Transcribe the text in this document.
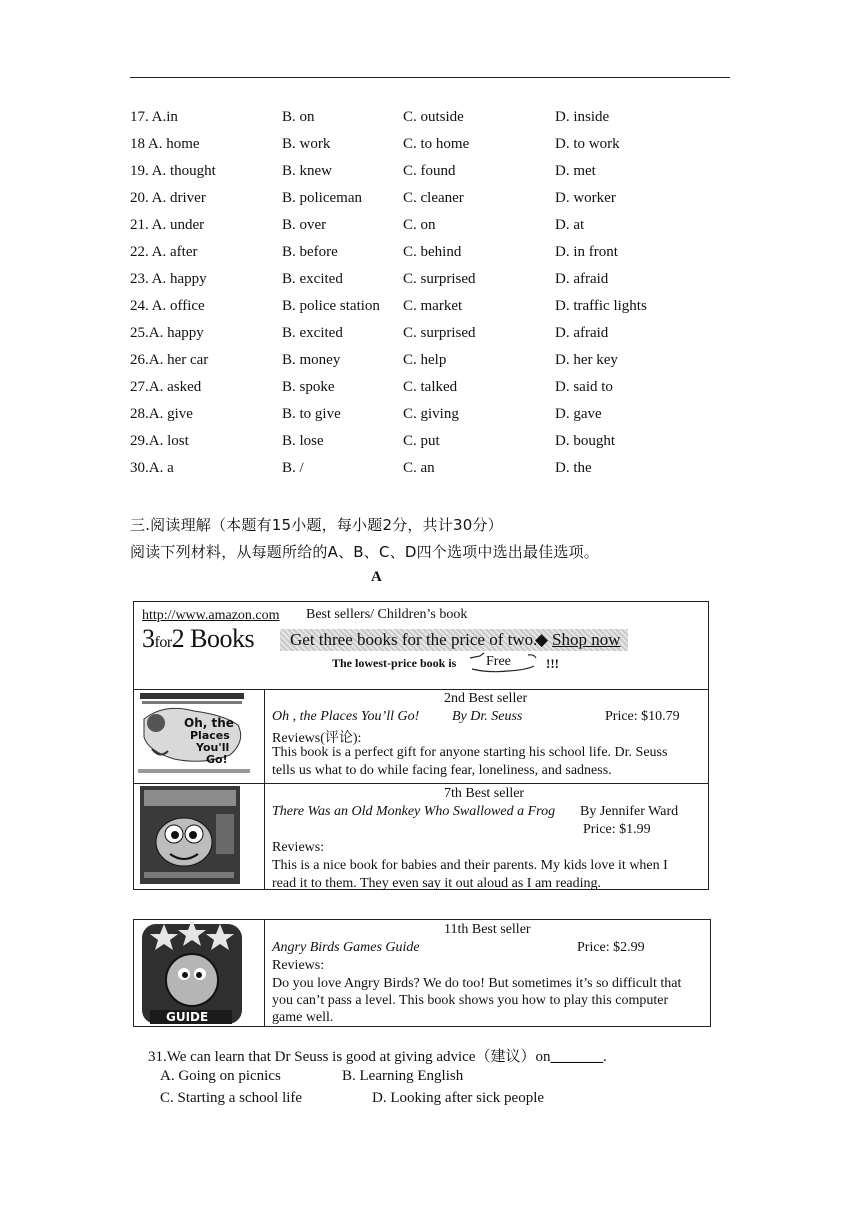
17. A.in	B. on	C. outside	D. inside
18 A. home	B. work	C. to home	D. to work
19. A. thought	B. knew	C. found	D. met
20. A. driver	B. policeman	C. cleaner	D. worker
21. A. under	B. over	C. on	D. at
22. A. after	B. before	C. behind	D. in front
23. A. happy	B. excited	C. surprised	D. afraid
24. A. office	B. police station C. market	D. traffic lights
25.A. happy	B. excited	C. surprised	D. afraid
26.A. her car	B. money	C. help	D. her key
27.A. asked	B. spoke	C. talked	D. said to
28.A. give	B. to give	C. giving	D. gave
29.A. lost	B. lose	C. put	D. bought
30.A. a	B. /	C. an	D. the
三.阅读理解（本题有15小题，每小题2分，共计30分）
阅读下列材料，从每题所给的A、B、C、D四个选项中选出最佳选项。
A
http://www.amazon.com Best sellers/ Children’s book
3for2 Books Get three books for the price of two.
◆ Shop now
The lowest-price book is Free	!!!
Oh, the
Places
You'll
Go!
2nd Best seller
Oh , the Places You’ll Go! By Dr. Seuss	Price: $10.79
Reviews(评论):
This book is a perfect gift for anyone starting his school life. Dr. Seuss
tells us what to do while facing fear, loneliness, and sadness.
7th Best seller
There Was an Old Monkey Who Swallowed a Frog By Jennifer Ward
Price: $1.99
Reviews:
This is a nice book for babies and their parents. My kids love it when I
read it to them. They even say it out aloud as I am reading.
GUIDE
11th Best seller
Angry Birds Games Guide	Price: $2.99
Reviews:
Do you love Angry Birds? We do too! But sometimes it’s so difficult that
you can’t pass a level. This book shows you how to play this computer
game well.
31.We can learn that Dr Seuss is good at giving advice（建议）on_______.
A. Going on picnics	B. Learning English
C. Starting a school life	D. Looking after sick people
